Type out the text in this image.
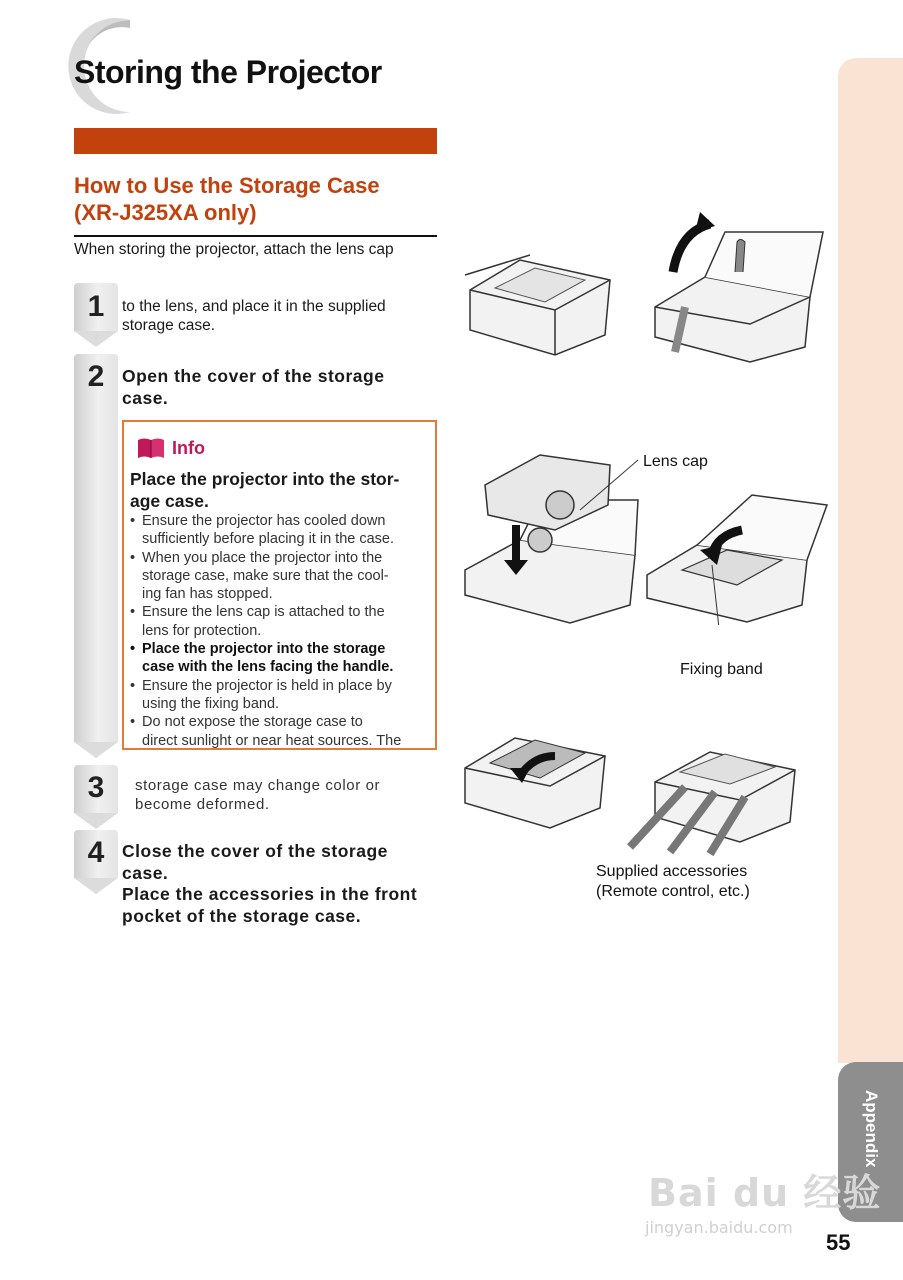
Storing the Projector
How to Use the Storage Case
(XR-J325XA only)

When storing the projector, attach the lens cap

1	to the lens, and place it in the supplied
storage case.

2	Open the cover of the storage
case.

Info

Place the projector into the stor-
age case.

• Ensure the projector has cooled down
sufficiently before placing it in the case.
• When you place the projector into the
storage case, make sure that the cool-
ing fan has stopped.
• Ensure the lens cap is attached to the
lens for protection.
• Place the projector into the storage
case with the lens facing the handle.
• Ensure the projector is held in place by
using the fixing band.
• Do not expose the storage case to
direct sunlight or near heat sources. The
3	storage case may change color or
become deformed.

4	Close the cover of the storage
case.
Place the accessories in the front
pocket of the storage case.

Lens cap
Fixing band
Supplied accessories
(Remote control, etc.)
Appendix
Bai du 经验
jingyan.baidu.com
55
